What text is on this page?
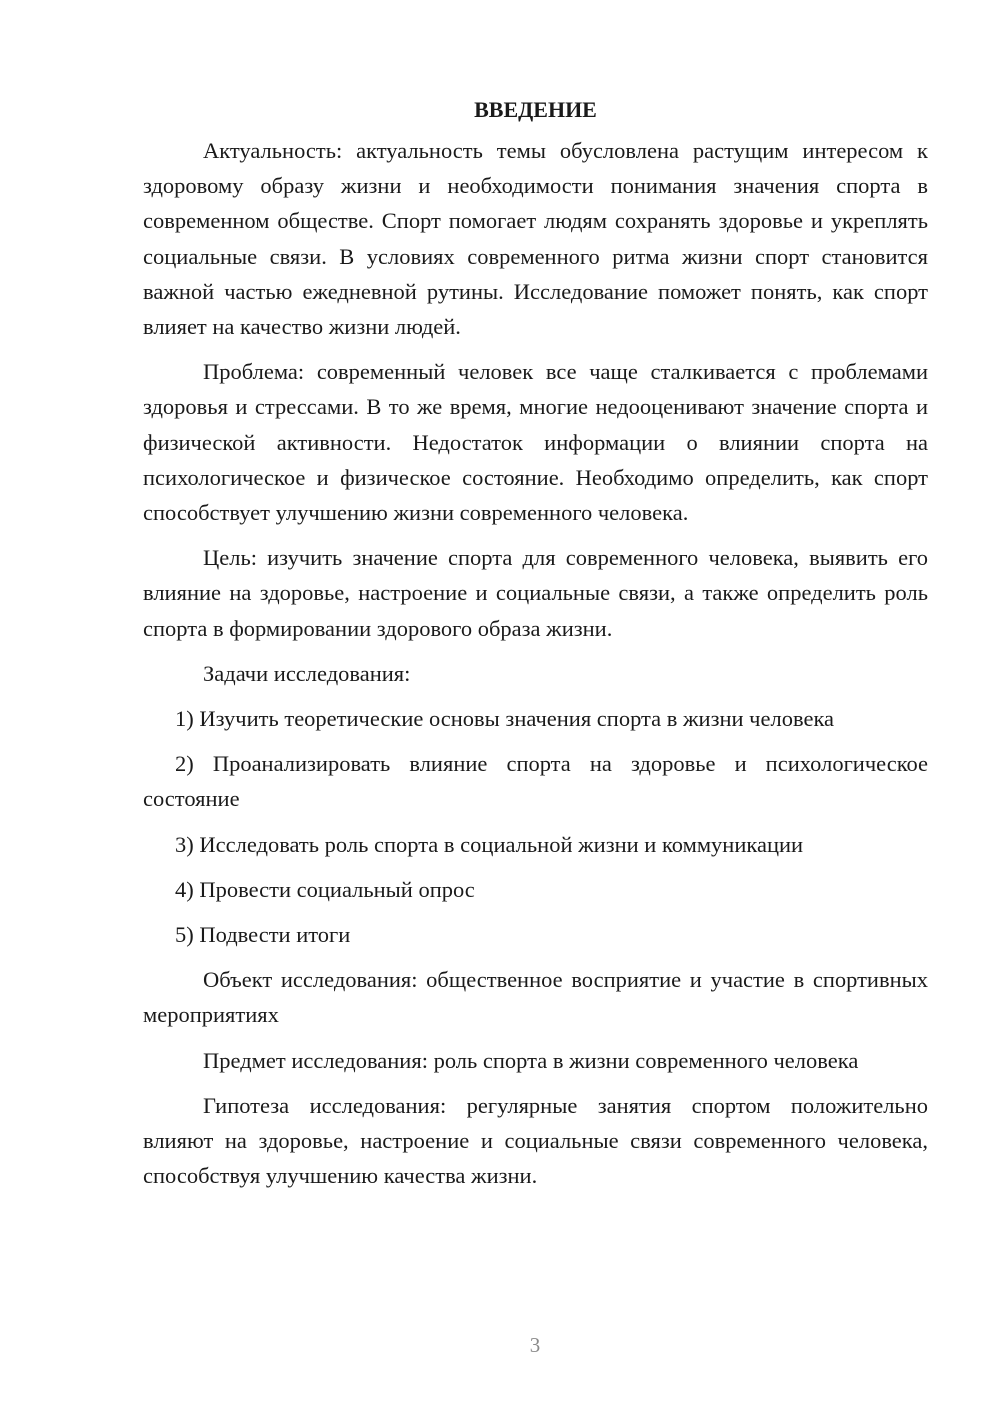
ВВЕДЕНИЕ

Актуальность: актуальность темы обусловлена растущим интересом к здоровому образу жизни и необходимости понимания значения спорта в современном обществе. Спорт помогает людям сохранять здоровье и укреплять социальные связи. В условиях современного ритма жизни спорт становится важной частью ежедневной рутины. Исследование поможет понять, как спорт влияет на качество жизни людей.

Проблема: современный человек все чаще сталкивается с проблемами здоровья и стрессами. В то же время, многие недооценивают значение спорта и физической активности. Недостаток информации о влиянии спорта на психологическое и физическое состояние. Необходимо определить, как спорт способствует улучшению жизни современного человека.

Цель: изучить значение спорта для современного человека, выявить его влияние на здоровье, настроение и социальные связи, а также определить роль спорта в формировании здорового образа жизни.

Задачи исследования:

1) Изучить теоретические основы значения спорта в жизни человека

2) Проанализировать влияние спорта на здоровье и психологическое состояние

3) Исследовать роль спорта в социальной жизни и коммуникации

4) Провести социальный опрос

5) Подвести итоги

Объект исследования: общественное восприятие и участие в спортивных мероприятиях

Предмет исследования: роль спорта в жизни современного человека

Гипотеза исследования: регулярные занятия спортом положительно влияют на здоровье, настроение и социальные связи современного человека, способствуя улучшению качества жизни.

3
